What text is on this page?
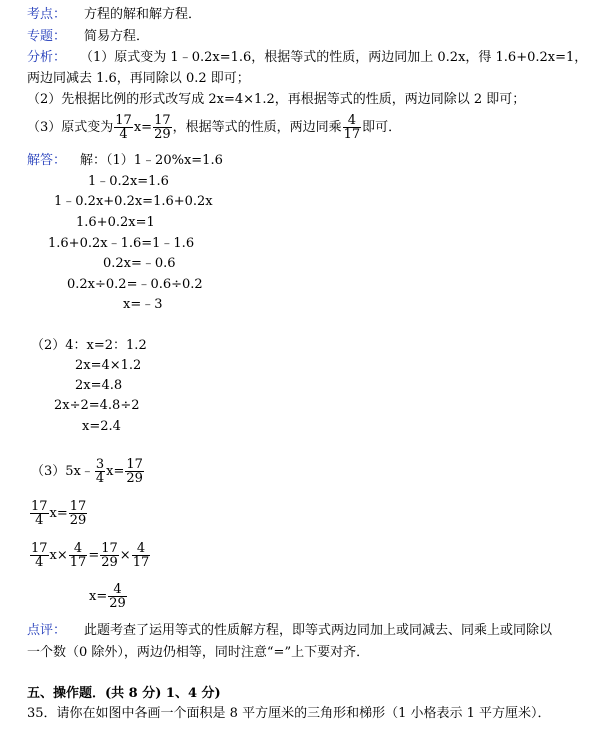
考点： 方程的解和解方程．
专题： 简易方程．
分析： （1）原式变为 1﹣0.2x=1.6，根据等式的性质，两边同加上 0.2x，得 1.6+0.2x=1，
两边同减去 1.6，再同除以 0.2 即可；
（2）先根据比例的形式改写成 2x=4×1.2，再根据等式的性质，两边同除以 2 即可；
（3）原式变为 $\frac{17}{4} x= \frac{17}{29}$ ，根据等式的性质，两边同乘 $\frac{4}{17}$ 即可．
解答： 解：（1）1﹣20%x=1.6
1﹣0.2x=1.6
1﹣0.2x+0.2x=1.6+0.2x
1.6+0.2x=1
1.6+0.2x﹣1.6=1﹣1.6
0.2x=﹣0.6
0.2x÷0.2=﹣0.6÷0.2
x=﹣3
（2）4：x=2：1.2
2x=4×1.2
2x=4.8
2x÷2=4.8÷2
x=2.4
（3）5x﹣ $\frac{3}{4} x= \frac{17}{29}$
$\frac{17}{4} x= \frac{17}{29}$
$\frac{17}{4} x\times \frac{4}{17} = \frac{17}{29} \times \frac{4}{17}$
$x= \frac{4}{29}$
点评： 此题考查了运用等式的性质解方程，即等式两边同加上或同减去、同乘上或同除以
一个数（0 除外），两边仍相等，同时注意“=”上下要对齐．
五、操作题．(共 8 分) 1、4 分)
35．请你在如图中各画一个面积是 8 平方厘米的三角形和梯形（1 小格表示 1 平方厘米）．
